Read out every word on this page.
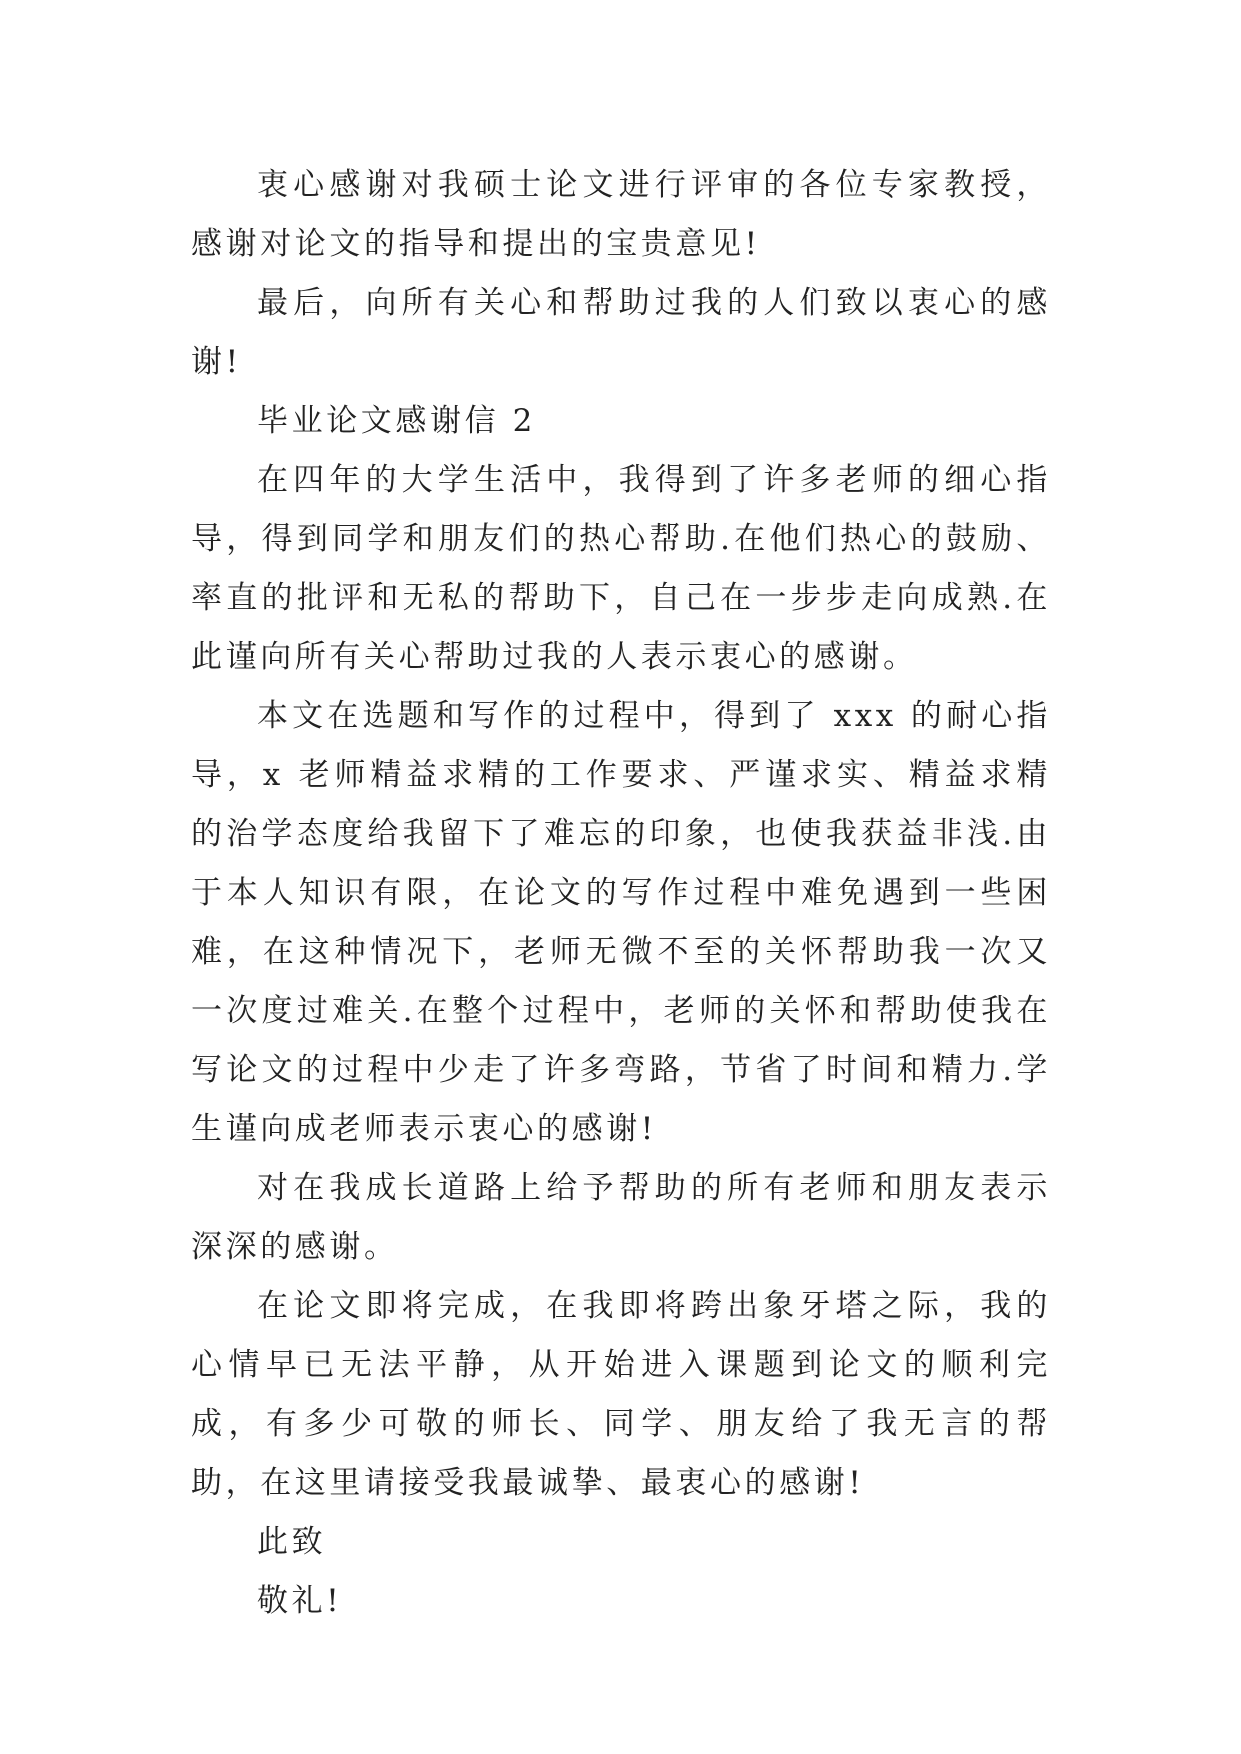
衷心感谢对我硕士论文进行评审的各位专家教授，感谢对论文的指导和提出的宝贵意见!

最后，向所有关心和帮助过我的人们致以衷心的感谢!

毕业论文感谢信 2

在四年的大学生活中，我得到了许多老师的细心指导，得到同学和朋友们的热心帮助.在他们热心的鼓励、率直的批评和无私的帮助下，自己在一步步走向成熟.在此谨向所有关心帮助过我的人表示衷心的感谢。

本文在选题和写作的过程中，得到了 xxx 的耐心指导，x 老师精益求精的工作要求、严谨求实、精益求精的治学态度给我留下了难忘的印象，也使我获益非浅.由于本人知识有限，在论文的写作过程中难免遇到一些困难，在这种情况下，老师无微不至的关怀帮助我一次又一次度过难关.在整个过程中，老师的关怀和帮助使我在写论文的过程中少走了许多弯路，节省了时间和精力.学生谨向成老师表示衷心的感谢!

对在我成长道路上给予帮助的所有老师和朋友表示深深的感谢。

在论文即将完成，在我即将跨出象牙塔之际，我的心情早已无法平静，从开始进入课题到论文的顺利完成，有多少可敬的师长、同学、朋友给了我无言的帮助，在这里请接受我最诚挚、最衷心的感谢!

此致

敬礼!
